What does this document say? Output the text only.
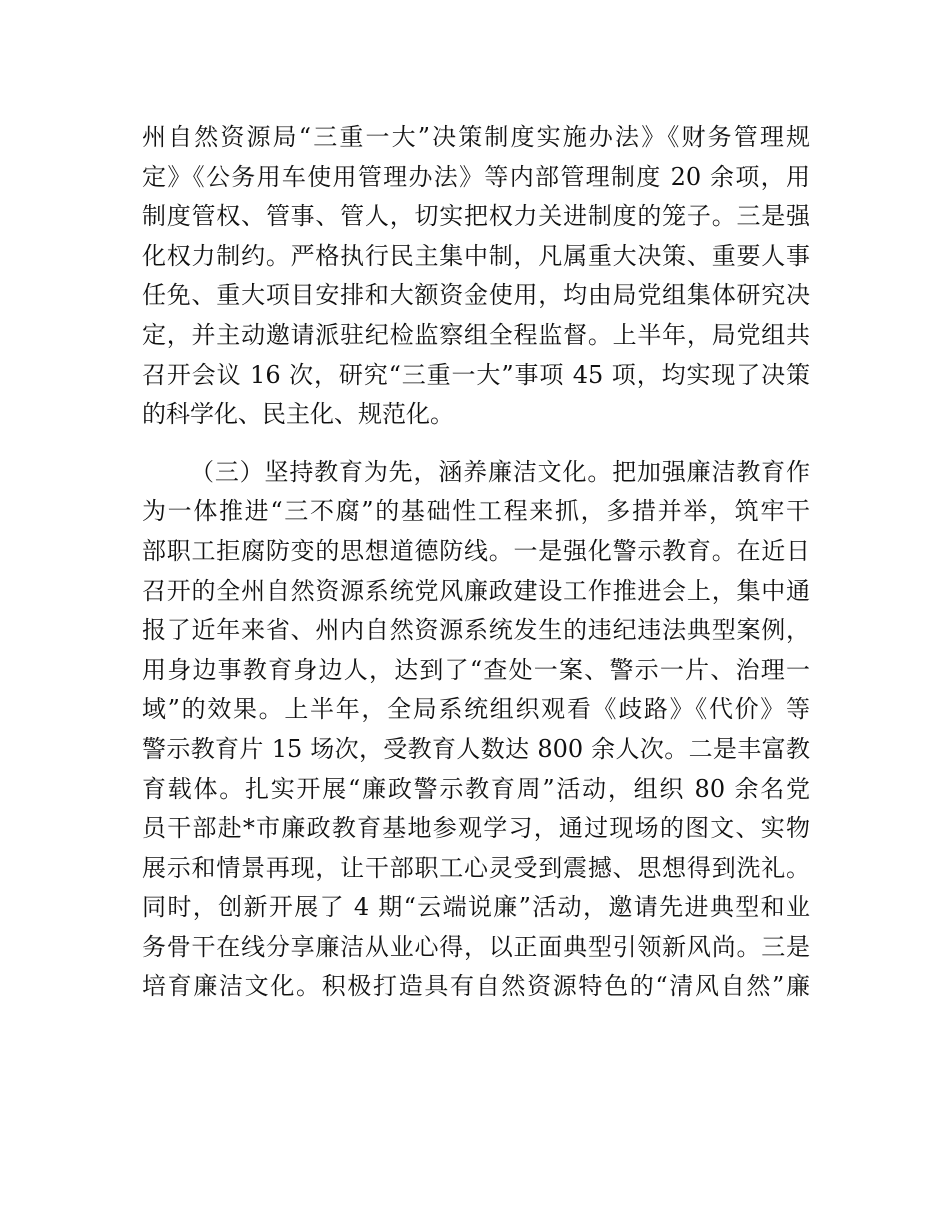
州自然资源局“三重一大”决策制度实施办法》《财务管理规
定》《公务用车使用管理办法》等内部管理制度 20 余项，用
制度管权、管事、管人，切实把权力关进制度的笼子。三是强
化权力制约。严格执行民主集中制，凡属重大决策、重要人事
任免、重大项目安排和大额资金使用，均由局党组集体研究决
定，并主动邀请派驻纪检监察组全程监督。上半年，局党组共
召开会议 16 次，研究“三重一大”事项 45 项，均实现了决策
的科学化、民主化、规范化。
（三）坚持教育为先，涵养廉洁文化。把加强廉洁教育作
为一体推进“三不腐”的基础性工程来抓，多措并举，筑牢干
部职工拒腐防变的思想道德防线。一是强化警示教育。在近日
召开的全州自然资源系统党风廉政建设工作推进会上，集中通
报了近年来省、州内自然资源系统发生的违纪违法典型案例，
用身边事教育身边人，达到了“查处一案、警示一片、治理一
域”的效果。上半年，全局系统组织观看《歧路》《代价》等
警示教育片 15 场次，受教育人数达 800 余人次。二是丰富教
育载体。扎实开展“廉政警示教育周”活动，组织 80 余名党
员干部赴*市廉政教育基地参观学习，通过现场的图文、实物
展示和情景再现，让干部职工心灵受到震撼、思想得到洗礼。
同时，创新开展了 4 期“云端说廉”活动，邀请先进典型和业
务骨干在线分享廉洁从业心得，以正面典型引领新风尚。三是
培育廉洁文化。积极打造具有自然资源特色的“清风自然”廉
